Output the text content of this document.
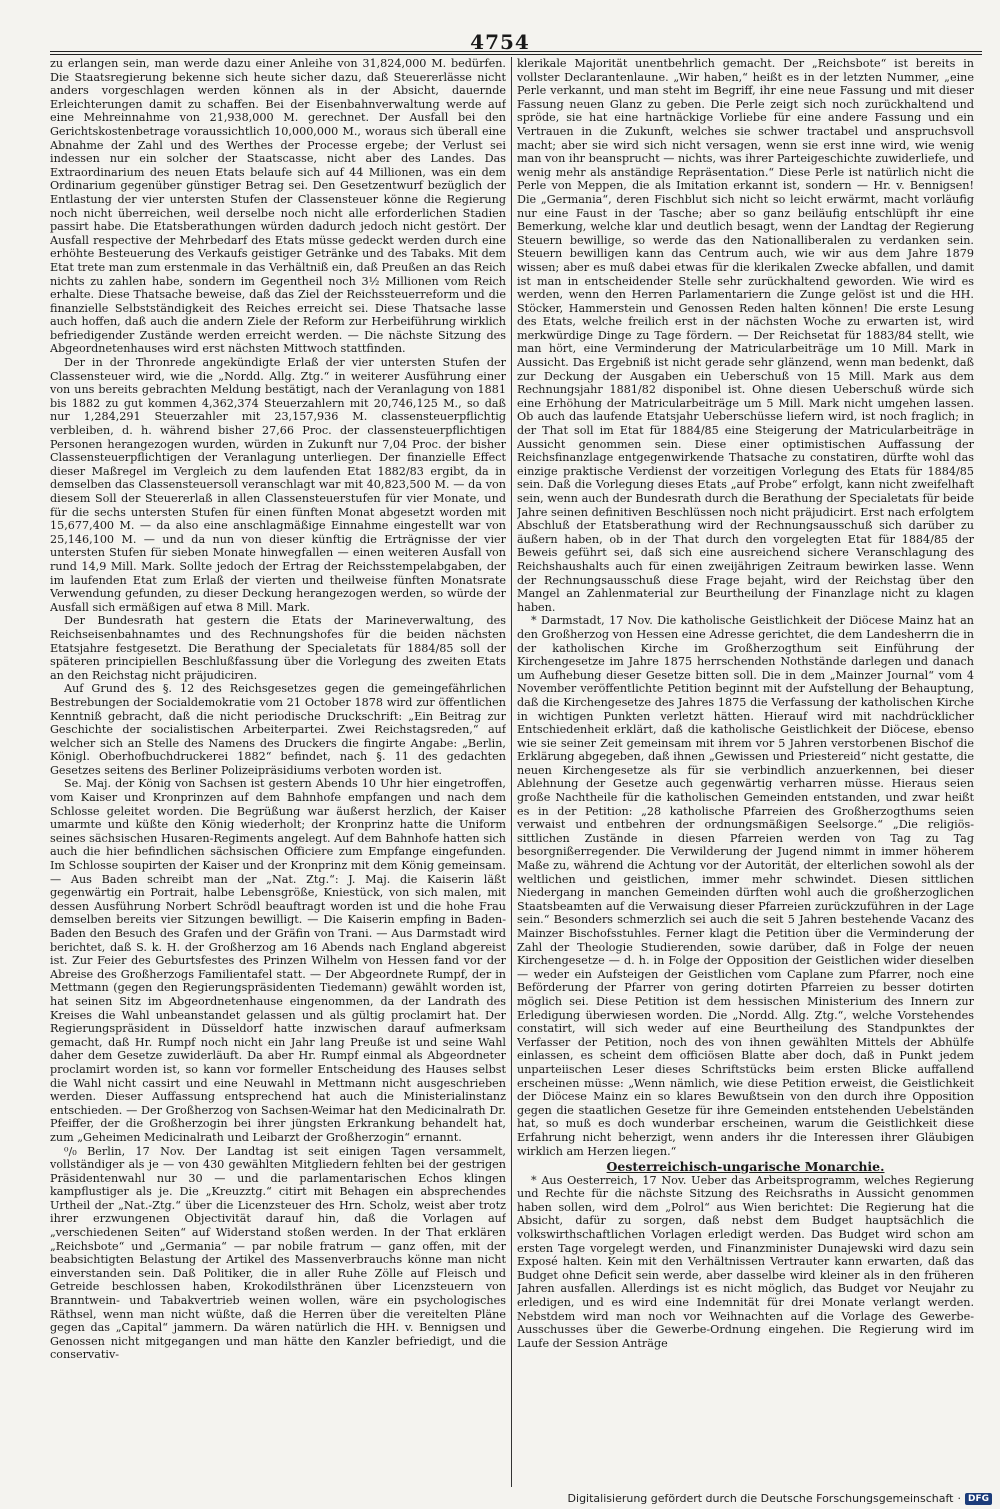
4754

zu erlangen sein, man werde dazu einer Anleihe von 31,824,000 M. bedürfen. Die Staatsregierung bekenne sich heute sicher dazu, daß Steuererlässe nicht anders vorgeschlagen werden können als in der Absicht, dauernde Erleichterungen damit zu schaffen. Bei der Eisenbahnverwaltung werde auf eine Mehreinnahme von 21,938,000 M. gerechnet. Der Ausfall bei den Gerichtskostenbetrage voraussichtlich 10,000,000 M., woraus sich überall eine Abnahme der Zahl und des Werthes der Processe ergebe; der Verlust sei indessen nur ein solcher der Staatscasse, nicht aber des Landes. Das Extraordinarium des neuen Etats belaufe sich auf 44 Millionen, was ein dem Ordinarium gegenüber günstiger Betrag sei. Den Gesetzentwurf bezüglich der Entlastung der vier untersten Stufen der Classensteuer könne die Regierung noch nicht überreichen, weil derselbe noch nicht alle erforderlichen Stadien passirt habe. Die Etatsberathungen würden dadurch jedoch nicht gestört. Der Ausfall respective der Mehrbedarf des Etats müsse gedeckt werden durch eine erhöhte Besteuerung des Verkaufs geistiger Getränke und des Tabaks. Mit dem Etat trete man zum erstenmale in das Verhältniß ein, daß Preußen an das Reich nichts zu zahlen habe, sondern im Gegentheil noch 3½ Millionen vom Reich erhalte. Diese Thatsache beweise, daß das Ziel der Reichssteuerreform und die finanzielle Selbstständigkeit des Reiches erreicht sei. Diese Thatsache lasse auch hoffen, daß auch die andern Ziele der Reform zur Herbeiführung wirklich befriedigender Zustände werden erreicht werden. — Die nächste Sitzung des Abgeordnetenhauses wird erst nächsten Mittwoch stattfinden.

Der in der Thronrede angekündigte Erlaß der vier untersten Stufen der Classensteuer wird, wie die „Nordd. Allg. Ztg.“ in weiterer Ausführung einer von uns bereits gebrachten Meldung bestätigt, nach der Veranlagung von 1881 bis 1882 zu gut kommen 4,362,374 Steuerzahlern mit 20,746,125 M., so daß nur 1,284,291 Steuerzahler mit 23,157,936 M. classensteuerpflichtig verbleiben, d. h. während bisher 27,66 Proc. der classensteuerpflichtigen Personen herangezogen wurden, würden in Zukunft nur 7,04 Proc. der bisher Classensteuerpflichtigen der Veranlagung unterliegen. Der finanzielle Effect dieser Maßregel im Vergleich zu dem laufenden Etat 1882/83 ergibt, da in demselben das Classensteuersoll veranschlagt war mit 40,823,500 M. — da von diesem Soll der Steuererlaß in allen Classensteuerstufen für vier Monate, und für die sechs untersten Stufen für einen fünften Monat abgesetzt worden mit 15,677,400 M. — da also eine anschlagmäßige Einnahme eingestellt war von 25,146,100 M. — und da nun von dieser künftig die Erträgnisse der vier untersten Stufen für sieben Monate hinwegfallen — einen weiteren Ausfall von rund 14,9 Mill. Mark. Sollte jedoch der Ertrag der Reichsstempelabgaben, der im laufenden Etat zum Erlaß der vierten und theilweise fünften Monatsrate Verwendung gefunden, zu dieser Deckung herangezogen werden, so würde der Ausfall sich ermäßigen auf etwa 8 Mill. Mark.

Der Bundesrath hat gestern die Etats der Marineverwaltung, des Reichseisenbahnamtes und des Rechnungshofes für die beiden nächsten Etatsjahre festgesetzt. Die Berathung der Specialetats für 1884/85 soll der späteren principiellen Beschlußfassung über die Vorlegung des zweiten Etats an den Reichstag nicht präjudiciren.

Auf Grund des §. 12 des Reichsgesetzes gegen die gemeingefährlichen Bestrebungen der Socialdemokratie vom 21 October 1878 wird zur öffentlichen Kenntniß gebracht, daß die nicht periodische Druckschrift: „Ein Beitrag zur Geschichte der socialistischen Arbeiterpartei. Zwei Reichstagsreden,“ auf welcher sich an Stelle des Namens des Druckers die fingirte Angabe: „Berlin, Königl. Oberhofbuchdruckerei 1882“ befindet, nach §. 11 des gedachten Gesetzes seitens des Berliner Polizeipräsidiums verboten worden ist.

Se. Maj. der König von Sachsen ist gestern Abends 10 Uhr hier eingetroffen, vom Kaiser und Kronprinzen auf dem Bahnhofe empfangen und nach dem Schlosse geleitet worden. Die Begrüßung war äußerst herzlich, der Kaiser umarmte und küßte den König wiederholt; der Kronprinz hatte die Uniform seines sächsischen Husaren-Regiments angelegt. Auf dem Bahnhofe hatten sich auch die hier befindlichen sächsischen Officiere zum Empfange eingefunden. Im Schlosse soupirten der Kaiser und der Kronprinz mit dem König gemeinsam. — Aus Baden schreibt man der „Nat. Ztg.“: J. Maj. die Kaiserin läßt gegenwärtig ein Portrait, halbe Lebensgröße, Kniestück, von sich malen, mit dessen Ausführung Norbert Schrödl beauftragt worden ist und die hohe Frau demselben bereits vier Sitzungen bewilligt. — Die Kaiserin empfing in Baden-Baden den Besuch des Grafen und der Gräfin von Trani. — Aus Darmstadt wird berichtet, daß S. k. H. der Großherzog am 16 Abends nach England abgereist ist. Zur Feier des Geburtsfestes des Prinzen Wilhelm von Hessen fand vor der Abreise des Großherzogs Familientafel statt. — Der Abgeordnete Rumpf, der in Mettmann (gegen den Regierungspräsidenten Tiedemann) gewählt worden ist, hat seinen Sitz im Abgeordnetenhause eingenommen, da der Landrath des Kreises die Wahl unbeanstandet gelassen und als gültig proclamirt hat. Der Regierungspräsident in Düsseldorf hatte inzwischen darauf aufmerksam gemacht, daß Hr. Rumpf noch nicht ein Jahr lang Preuße ist und seine Wahl daher dem Gesetze zuwiderläuft. Da aber Hr. Rumpf einmal als Abgeordneter proclamirt worden ist, so kann vor formeller Entscheidung des Hauses selbst die Wahl nicht cassirt und eine Neuwahl in Mettmann nicht ausgeschrieben werden. Dieser Auffassung entsprechend hat auch die Ministerialinstanz entschieden. — Der Großherzog von Sachsen-Weimar hat den Medicinalrath Dr. Pfeiffer, der die Großherzogin bei ihrer jüngsten Erkrankung behandelt hat, zum „Geheimen Medicinalrath und Leibarzt der Großherzogin“ ernannt.

⁰/₀ Berlin, 17 Nov. Der Landtag ist seit einigen Tagen versammelt, vollständiger als je — von 430 gewählten Mitgliedern fehlten bei der gestrigen Präsidentenwahl nur 30 — und die parlamentarischen Echos klingen kampflustiger als je. Die „Kreuzztg.“ citirt mit Behagen ein absprechendes Urtheil der „Nat.-Ztg.“ über die Licenzsteuer des Hrn. Scholz, weist aber trotz ihrer erzwungenen Objectivität darauf hin, daß die Vorlagen auf „verschiedenen Seiten“ auf Widerstand stoßen werden. In der That erklären „Reichsbote“ und „Germania“ — par nobile fratrum — ganz offen, mit der beabsichtigten Belastung der Artikel des Massenverbrauchs könne man nicht einverstanden sein. Daß Politiker, die in aller Ruhe Zölle auf Fleisch und Getreide beschlossen haben, Krokodilsthränen über Licenzsteuern von Branntwein- und Tabakvertrieb weinen wollen, wäre ein psychologisches Räthsel, wenn man nicht wüßte, daß die Herren über die vereitelten Pläne gegen das „Capital“ jammern. Da wären natürlich die HH. v. Bennigsen und Genossen nicht mitgegangen und man hätte den Kanzler befriedigt, und die conservativ-

klerikale Majorität unentbehrlich gemacht. Der „Reichsbote“ ist bereits in vollster Declarantenlaune. „Wir haben,“ heißt es in der letzten Nummer, „eine Perle verkannt, und man steht im Begriff, ihr eine neue Fassung und mit dieser Fassung neuen Glanz zu geben. Die Perle zeigt sich noch zurückhaltend und spröde, sie hat eine hartnäckige Vorliebe für eine andere Fassung und ein Vertrauen in die Zukunft, welches sie schwer tractabel und anspruchsvoll macht; aber sie wird sich nicht versagen, wenn sie erst inne wird, wie wenig man von ihr beansprucht — nichts, was ihrer Parteigeschichte zuwiderliefe, und wenig mehr als anständige Repräsentation.“ Diese Perle ist natürlich nicht die Perle von Meppen, die als Imitation erkannt ist, sondern — Hr. v. Bennigsen! Die „Germania“, deren Fischblut sich nicht so leicht erwärmt, macht vorläufig nur eine Faust in der Tasche; aber so ganz beiläufig entschlüpft ihr eine Bemerkung, welche klar und deutlich besagt, wenn der Landtag der Regierung Steuern bewillige, so werde das den Nationalliberalen zu verdanken sein. Steuern bewilligen kann das Centrum auch, wie wir aus dem Jahre 1879 wissen; aber es muß dabei etwas für die klerikalen Zwecke abfallen, und damit ist man in entscheidender Stelle sehr zurückhaltend geworden. Wie wird es werden, wenn den Herren Parlamentariern die Zunge gelöst ist und die HH. Stöcker, Hammerstein und Genossen Reden halten können! Die erste Lesung des Etats, welche freilich erst in der nächsten Woche zu erwarten ist, wird merkwürdige Dinge zu Tage fördern. — Der Reichsetat für 1883/84 stellt, wie man hört, eine Verminderung der Matricularbeiträge um 10 Mill. Mark in Aussicht. Das Ergebniß ist nicht gerade sehr glänzend, wenn man bedenkt, daß zur Deckung der Ausgaben ein Ueberschuß von 15 Mill. Mark aus dem Rechnungsjahr 1881/82 disponibel ist. Ohne diesen Ueberschuß würde sich eine Erhöhung der Matricularbeiträge um 5 Mill. Mark nicht umgehen lassen. Ob auch das laufende Etatsjahr Ueberschüsse liefern wird, ist noch fraglich; in der That soll im Etat für 1884/85 eine Steigerung der Matricularbeiträge in Aussicht genommen sein. Diese einer optimistischen Auffassung der Reichsfinanzlage entgegenwirkende Thatsache zu constatiren, dürfte wohl das einzige praktische Verdienst der vorzeitigen Vorlegung des Etats für 1884/85 sein. Daß die Vorlegung dieses Etats „auf Probe“ erfolgt, kann nicht zweifelhaft sein, wenn auch der Bundesrath durch die Berathung der Specialetats für beide Jahre seinen definitiven Beschlüssen noch nicht präjudicirt. Erst nach erfolgtem Abschluß der Etatsberathung wird der Rechnungsausschuß sich darüber zu äußern haben, ob in der That durch den vorgelegten Etat für 1884/85 der Beweis geführt sei, daß sich eine ausreichend sichere Veranschlagung des Reichshaushalts auch für einen zweijährigen Zeitraum bewirken lasse. Wenn der Rechnungsausschuß diese Frage bejaht, wird der Reichstag über den Mangel an Zahlenmaterial zur Beurtheilung der Finanzlage nicht zu klagen haben.

* Darmstadt, 17 Nov. Die katholische Geistlichkeit der Diöcese Mainz hat an den Großherzog von Hessen eine Adresse gerichtet, die dem Landesherrn die in der katholischen Kirche im Großherzogthum seit Einführung der Kirchengesetze im Jahre 1875 herrschenden Nothstände darlegen und danach um Aufhebung dieser Gesetze bitten soll. Die in dem „Mainzer Journal“ vom 4 November veröffentlichte Petition beginnt mit der Aufstellung der Behauptung, daß die Kirchengesetze des Jahres 1875 die Verfassung der katholischen Kirche in wichtigen Punkten verletzt hätten. Hierauf wird mit nachdrücklicher Entschiedenheit erklärt, daß die katholische Geistlichkeit der Diöcese, ebenso wie sie seiner Zeit gemeinsam mit ihrem vor 5 Jahren verstorbenen Bischof die Erklärung abgegeben, daß ihnen „Gewissen und Priestereid“ nicht gestatte, die neuen Kirchengesetze als für sie verbindlich anzuerkennen, bei dieser Ablehnung der Gesetze auch gegenwärtig verharren müsse. Hieraus seien große Nachtheile für die katholischen Gemeinden entstanden, und zwar heißt es in der Petition: „28 katholische Pfarreien des Großherzogthums seien verwaist und entbehren der ordnungsmäßigen Seelsorge.“ „Die religiös-sittlichen Zustände in diesen Pfarreien werden von Tag zu Tag besorgnißerregender. Die Verwilderung der Jugend nimmt in immer höherem Maße zu, während die Achtung vor der Autorität, der elterlichen sowohl als der weltlichen und geistlichen, immer mehr schwindet. Diesen sittlichen Niedergang in manchen Gemeinden dürften wohl auch die großherzoglichen Staatsbeamten auf die Verwaisung dieser Pfarreien zurückzuführen in der Lage sein.“ Besonders schmerzlich sei auch die seit 5 Jahren bestehende Vacanz des Mainzer Bischofsstuhles. Ferner klagt die Petition über die Verminderung der Zahl der Theologie Studierenden, sowie darüber, daß in Folge der neuen Kirchengesetze — d. h. in Folge der Opposition der Geistlichen wider dieselben — weder ein Aufsteigen der Geistlichen vom Caplane zum Pfarrer, noch eine Beförderung der Pfarrer von gering dotirten Pfarreien zu besser dotirten möglich sei. Diese Petition ist dem hessischen Ministerium des Innern zur Erledigung überwiesen worden. Die „Nordd. Allg. Ztg.“, welche Vorstehendes constatirt, will sich weder auf eine Beurtheilung des Standpunktes der Verfasser der Petition, noch des von ihnen gewählten Mittels der Abhülfe einlassen, es scheint dem officiösen Blatte aber doch, daß in Punkt jedem unparteiischen Leser dieses Schriftstücks beim ersten Blicke auffallend erscheinen müsse: „Wenn nämlich, wie diese Petition erweist, die Geistlichkeit der Diöcese Mainz ein so klares Bewußtsein von den durch ihre Opposition gegen die staatlichen Gesetze für ihre Gemeinden entstehenden Uebelständen hat, so muß es doch wunderbar erscheinen, warum die Geistlichkeit diese Erfahrung nicht beherzigt, wenn anders ihr die Interessen ihrer Gläubigen wirklich am Herzen liegen.“

Oesterreichisch-ungarische Monarchie.

* Aus Oesterreich, 17 Nov. Ueber das Arbeitsprogramm, welches Regierung und Rechte für die nächste Sitzung des Reichsraths in Aussicht genommen haben sollen, wird dem „Polrol“ aus Wien berichtet: Die Regierung hat die Absicht, dafür zu sorgen, daß nebst dem Budget hauptsächlich die volkswirthschaftlichen Vorlagen erledigt werden. Das Budget wird schon am ersten Tage vorgelegt werden, und Finanzminister Dunajewski wird dazu sein Exposé halten. Kein mit den Verhältnissen Vertrauter kann erwarten, daß das Budget ohne Deficit sein werde, aber dasselbe wird kleiner als in den früheren Jahren ausfallen. Allerdings ist es nicht möglich, das Budget vor Neujahr zu erledigen, und es wird eine Indemnität für drei Monate verlangt werden. Nebstdem wird man noch vor Weihnachten auf die Vorlage des Gewerbe-Ausschusses über die Gewerbe-Ordnung eingehen. Die Regierung wird im Laufe der Session Anträge

Digitalisierung gefördert durch die Deutsche Forschungsgemeinschaft · DFG
